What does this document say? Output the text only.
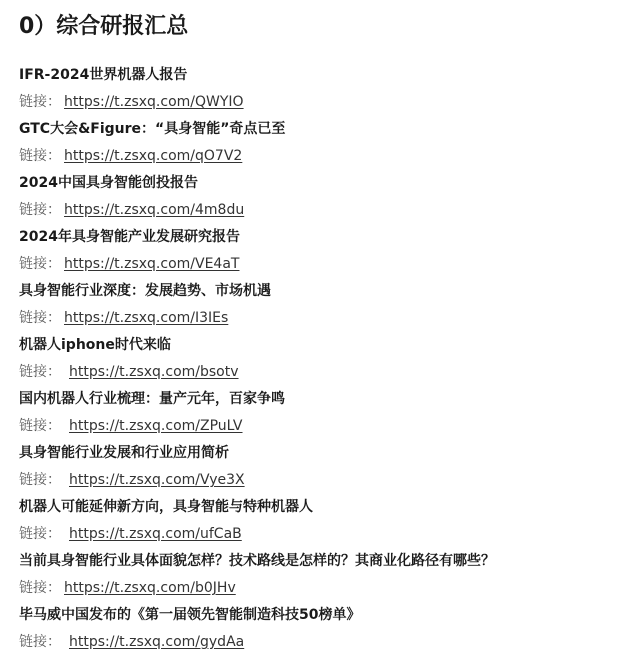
0）综合研报汇总

IFR-2024世界机器人报告

链接： https://t.zsxq.com/QWYIO

GTC大会&Figure：“具身智能”奇点已至

链接： https://t.zsxq.com/qO7V2

2024中国具身智能创投报告

链接： https://t.zsxq.com/4m8du

2024年具身智能产业发展研究报告

链接： https://t.zsxq.com/VE4aT

具身智能行业深度：发展趋势、市场机遇

链接： https://t.zsxq.com/I3IEs

机器人iphone时代来临

链接： https://t.zsxq.com/bsotv

国内机器人行业梳理：量产元年，百家争鸣

链接： https://t.zsxq.com/ZPuLV

具身智能行业发展和行业应用简析

链接： https://t.zsxq.com/Vye3X

机器人可能延伸新方向，具身智能与特种机器人

链接： https://t.zsxq.com/ufCaB

当前具身智能行业具体面貌怎样？技术路线是怎样的？其商业化路径有哪些？

链接： https://t.zsxq.com/b0JHv

毕马威中国发布的《第一届领先智能制造科技50榜单》

链接： https://t.zsxq.com/gydAa
